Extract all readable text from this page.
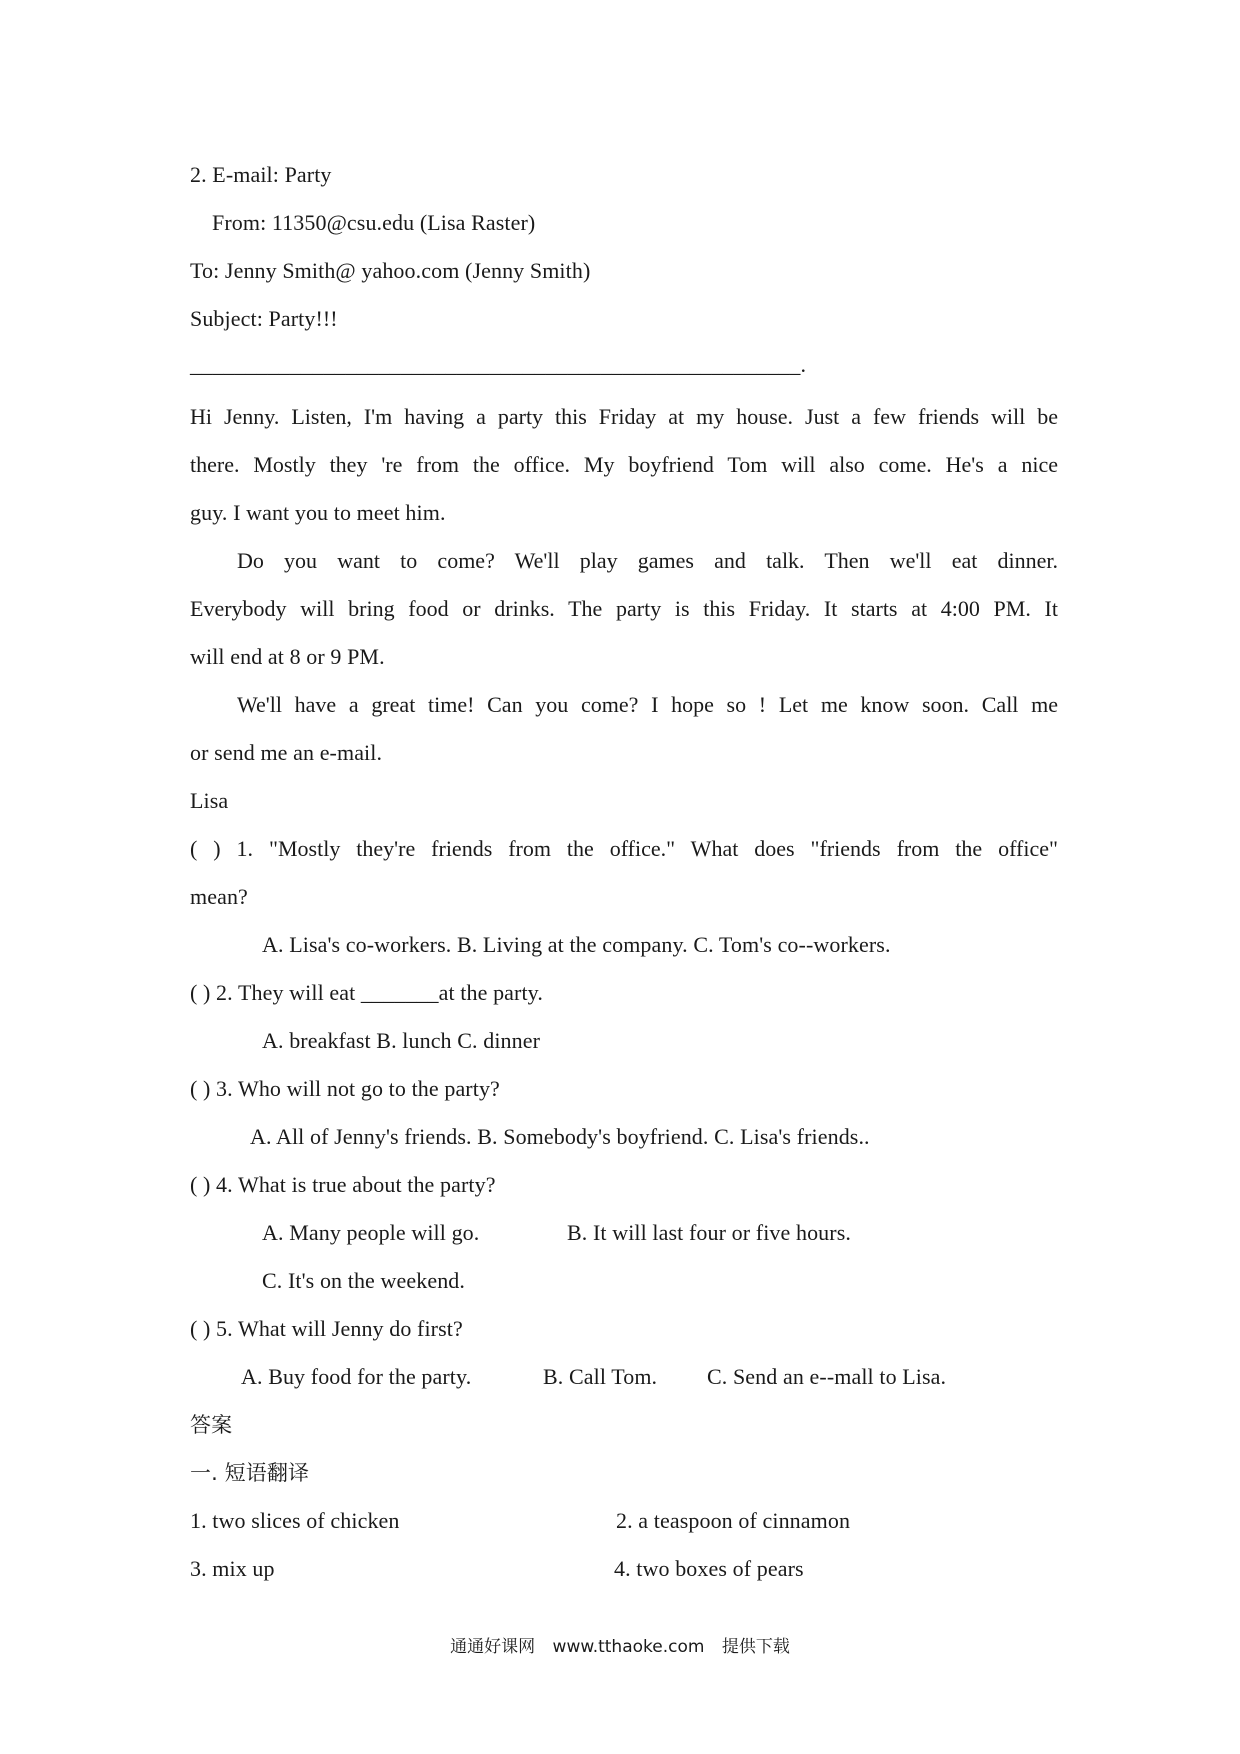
2. E-mail: Party
From: 11350@csu.edu (Lisa Raster)
To: Jenny Smith@ yahoo.com (Jenny Smith)
Subject: Party!!!
_______________________________________________________.
Hi Jenny. Listen, I'm having a party this Friday at my house. Just a few friends will be
there. Mostly they 're from the office. My boyfriend Tom will also come. He's a nice
guy. I want you to meet him.
Do you want to come? We'll play games and talk. Then we'll eat dinner.
Everybody will bring food or drinks. The party is this Friday. It starts at 4:00 PM. It
will end at 8 or 9 PM.
We'll have a great time! Can you come? I hope so ! Let me know soon. Call me
or send me an e-mail.
Lisa
( ) 1. "Mostly they're friends from the office." What does "friends from the office"
mean?
A. Lisa's co-workers. B. Living at the company. C. Tom's co--workers.
( ) 2. They will eat _______at the party.
A. breakfast B. lunch C. dinner
( ) 3. Who will not go to the party?
A. All of Jenny's friends. B. Somebody's boyfriend. C. Lisa's friends..
( ) 4. What is true about the party?
A. Many people will go.	B. It will last four or five hours.
C. It's on the weekend.
( ) 5. What will Jenny do first?
A. Buy food for the party.	B. Call Tom. C. Send an e--mall to Lisa.
答案
一. 短语翻译
1. two slices of chicken	2. a teaspoon of cinnamon
3. mix up	4. two boxes of pears
通通好课网 www.tthaoke.com 提供下载
